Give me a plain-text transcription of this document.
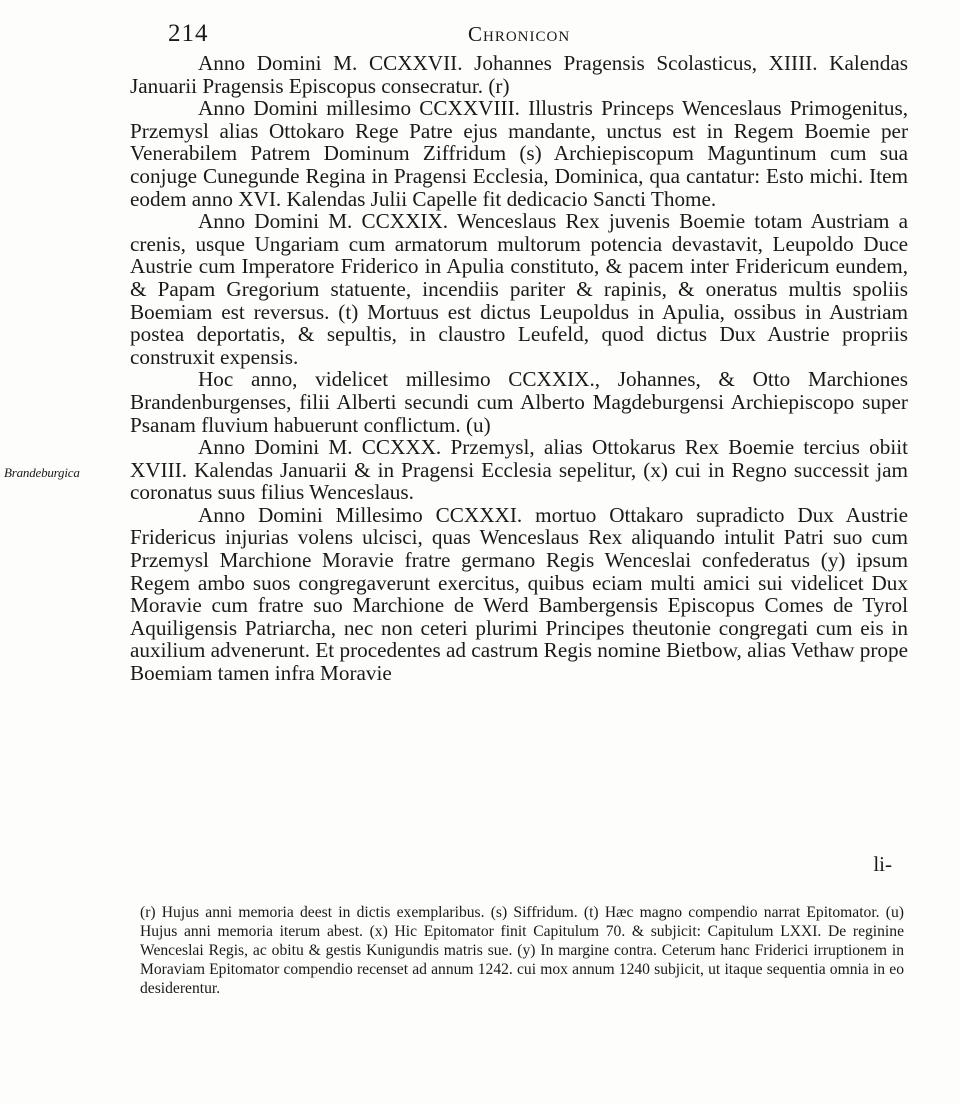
214	Chronicon
Brandeburgica

Anno Domini M. CCXXVII. Johannes Pragensis Scolasticus, XIIII. Kalendas Januarii Pragensis Episcopus consecratur. (r)

Anno Domini millesimo CCXXVIII. Illustris Princeps Wenceslaus Primogenitus, Przemysl alias Ottokaro Rege Patre ejus mandante, unctus est in Regem Boemie per Venerabilem Patrem Dominum Ziffridum (s) Archiepiscopum Maguntinum cum sua conjuge Cunegunde Regina in Pragensi Ecclesia, Dominica, qua cantatur: Esto michi. Item eodem anno XVI. Kalendas Julii Capelle fit dedicacio Sancti Thome.

Anno Domini M. CCXXIX. Wenceslaus Rex juvenis Boemie totam Austriam a crenis, usque Ungariam cum armatorum multorum potencia devastavit, Leupoldo Duce Austrie cum Imperatore Friderico in Apulia constituto, & pacem inter Fridericum eundem, & Papam Gregorium statuente, incendiis pariter & rapinis, & oneratus multis spoliis Boemiam est reversus. (t) Mortuus est dictus Leupoldus in Apulia, ossibus in Austriam postea deportatis, & sepultis, in claustro Leufeld, quod dictus Dux Austrie propriis construxit expensis.

Hoc anno, videlicet millesimo CCXXIX., Johannes, & Otto Marchiones Brandenburgenses, filii Alberti secundi cum Alberto Magdeburgensi Archiepiscopo super Psanam fluvium habuerunt conflictum. (u)

Anno Domini M. CCXXX. Przemysl, alias Ottokarus Rex Boemie tercius obiit XVIII. Kalendas Januarii & in Pragensi Ecclesia sepelitur, (x) cui in Regno successit jam coronatus suus filius Wenceslaus.

Anno Domini Millesimo CCXXXI. mortuo Ottakaro supradicto Dux Austrie Fridericus injurias volens ulcisci, quas Wenceslaus Rex aliquando intulit Patri suo cum Przemysl Marchione Moravie fratre germano Regis Wenceslai confederatus (y) ipsum Regem ambo suos congregaverunt exercitus, quibus eciam multi amici sui videlicet Dux Moravie cum fratre suo Marchione de Werd Bambergensis Episcopus Comes de Tyrol Aquiligensis Patriarcha, nec non ceteri plurimi Principes theutonie congregati cum eis in auxilium advenerunt. Et procedentes ad castrum Regis nomine Bietbow, alias Vethaw prope Boemiam tamen infra Moravie

li-

(r) Hujus anni memoria deest in dictis exemplaribus. (s) Siffridum. (t) Hæc magno compendio narrat Epitomator. (u) Hujus anni memoria iterum abest. (x) Hic Epitomator finit Capitulum 70. & subjicit: Capitulum LXXI. De reginine Wenceslai Regis, ac obitu & gestis Kunigundis matris sue. (y) In margine contra. Ceterum hanc Friderici irruptionem in Moraviam Epitomator compendio recenset ad annum 1242. cui mox annum 1240 subjicit, ut itaque sequentia omnia in eo desiderentur.
